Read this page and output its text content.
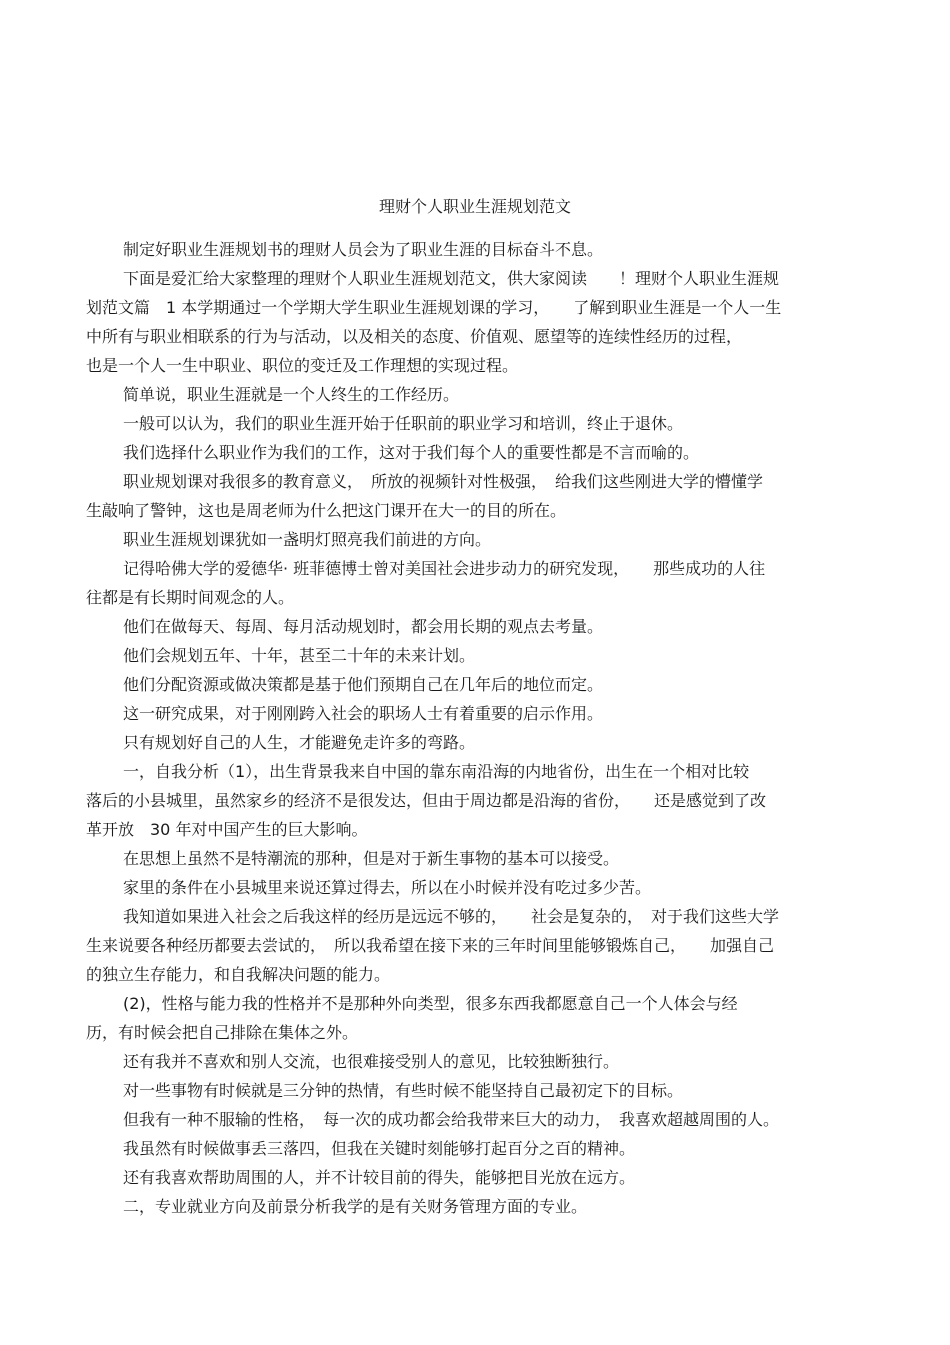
理财个人职业生涯规划范文

制定好职业生涯规划书的理财人员会为了职业生涯的目标奋斗不息。

下面是爱汇给大家整理的理财个人职业生涯规划范文，供大家阅读　　！理财个人职业生涯规

划范文篇　1 本学期通过一个学期大学生职业生涯规划课的学习，　　了解到职业生涯是一个人一生

中所有与职业相联系的行为与活动，以及相关的态度、价值观、愿望等的连续性经历的过程，

也是一个人一生中职业、职位的变迁及工作理想的实现过程。

简单说，职业生涯就是一个人终生的工作经历。

一般可以认为，我们的职业生涯开始于任职前的职业学习和培训，终止于退休。

我们选择什么职业作为我们的工作，这对于我们每个人的重要性都是不言而喻的。

职业规划课对我很多的教育意义，　所放的视频针对性极强，　给我们这些刚进大学的懵懂学

生敲响了警钟，这也是周老师为什么把这门课开在大一的目的所在。

职业生涯规划课犹如一盏明灯照亮我们前进的方向。

记得哈佛大学的爱德华· 班菲德博士曾对美国社会进步动力的研究发现，　　那些成功的人往

往都是有长期时间观念的人。

他们在做每天、每周、每月活动规划时，都会用长期的观点去考量。

他们会规划五年、十年，甚至二十年的未来计划。

他们分配资源或做决策都是基于他们预期自己在几年后的地位而定。

这一研究成果，对于刚刚跨入社会的职场人士有着重要的启示作用。

只有规划好自己的人生，才能避免走许多的弯路。

一，自我分析（1），出生背景我来自中国的靠东南沿海的内地省份，出生在一个相对比较

落后的小县城里，虽然家乡的经济不是很发达，但由于周边都是沿海的省份，　　还是感觉到了改

革开放　30 年对中国产生的巨大影响。

在思想上虽然不是特潮流的那种，但是对于新生事物的基本可以接受。

家里的条件在小县城里来说还算过得去，所以在小时候并没有吃过多少苦。

我知道如果进入社会之后我这样的经历是远远不够的，　　社会是复杂的，　对于我们这些大学

生来说要各种经历都要去尝试的，　所以我希望在接下来的三年时间里能够锻炼自己，　　加强自己

的独立生存能力，和自我解决问题的能力。

(2)，性格与能力我的性格并不是那种外向类型，很多东西我都愿意自己一个人体会与经

历，有时候会把自己排除在集体之外。

还有我并不喜欢和别人交流，也很难接受别人的意见，比较独断独行。

对一些事物有时候就是三分钟的热情，有些时候不能坚持自己最初定下的目标。

但我有一种不服输的性格，　每一次的成功都会给我带来巨大的动力，　我喜欢超越周围的人。

我虽然有时候做事丢三落四，但我在关键时刻能够打起百分之百的精神。

还有我喜欢帮助周围的人，并不计较目前的得失，能够把目光放在远方。

二，专业就业方向及前景分析我学的是有关财务管理方面的专业。
